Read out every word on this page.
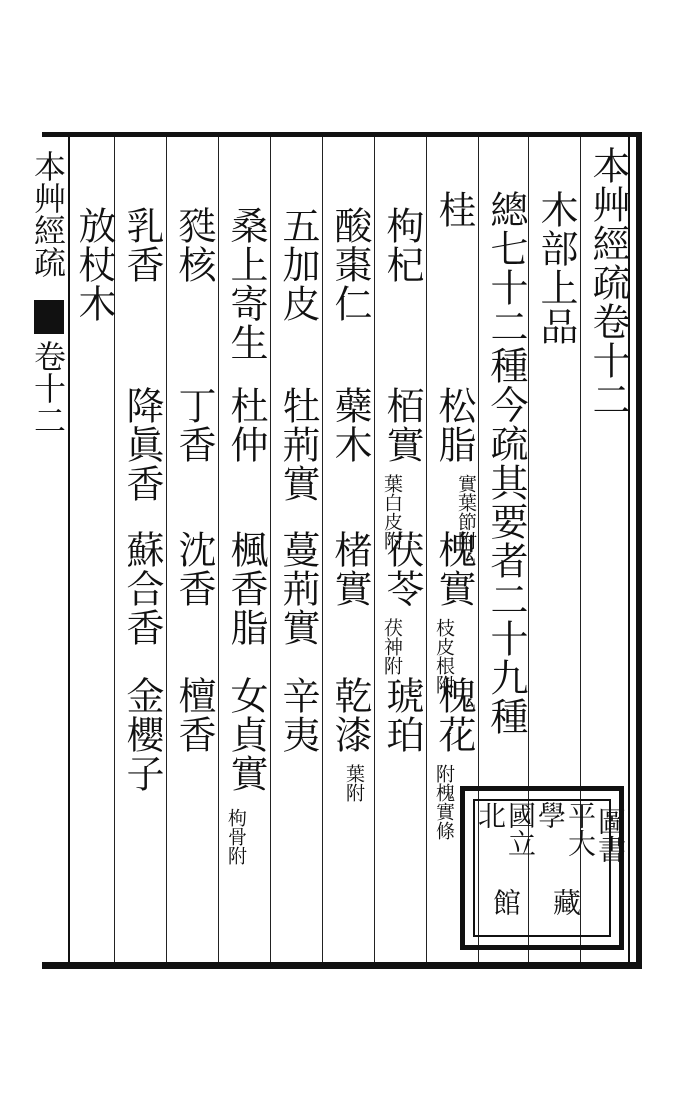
本艸經疏
卷十二	本艸經疏卷十二
木部上品
總七十二種今疏其要者二十九種
桂
松脂
實葉節附
槐實
枝皮根附
槐花
附槐實條
枸杞
栢實
葉白皮附
茯苓
茯神附
琥珀
酸棗仁
蘗木
楮實
乾漆
葉附
五加皮
牡荊實
蔓荊實
辛夷
桑上寄生
杜仲
楓香脂
女貞實
枸骨附
甤核
丁香
沈香
檀香
乳香
降眞香
蘇合香
金櫻子
放杖木
國立北	平大學 圖書
館 藏
